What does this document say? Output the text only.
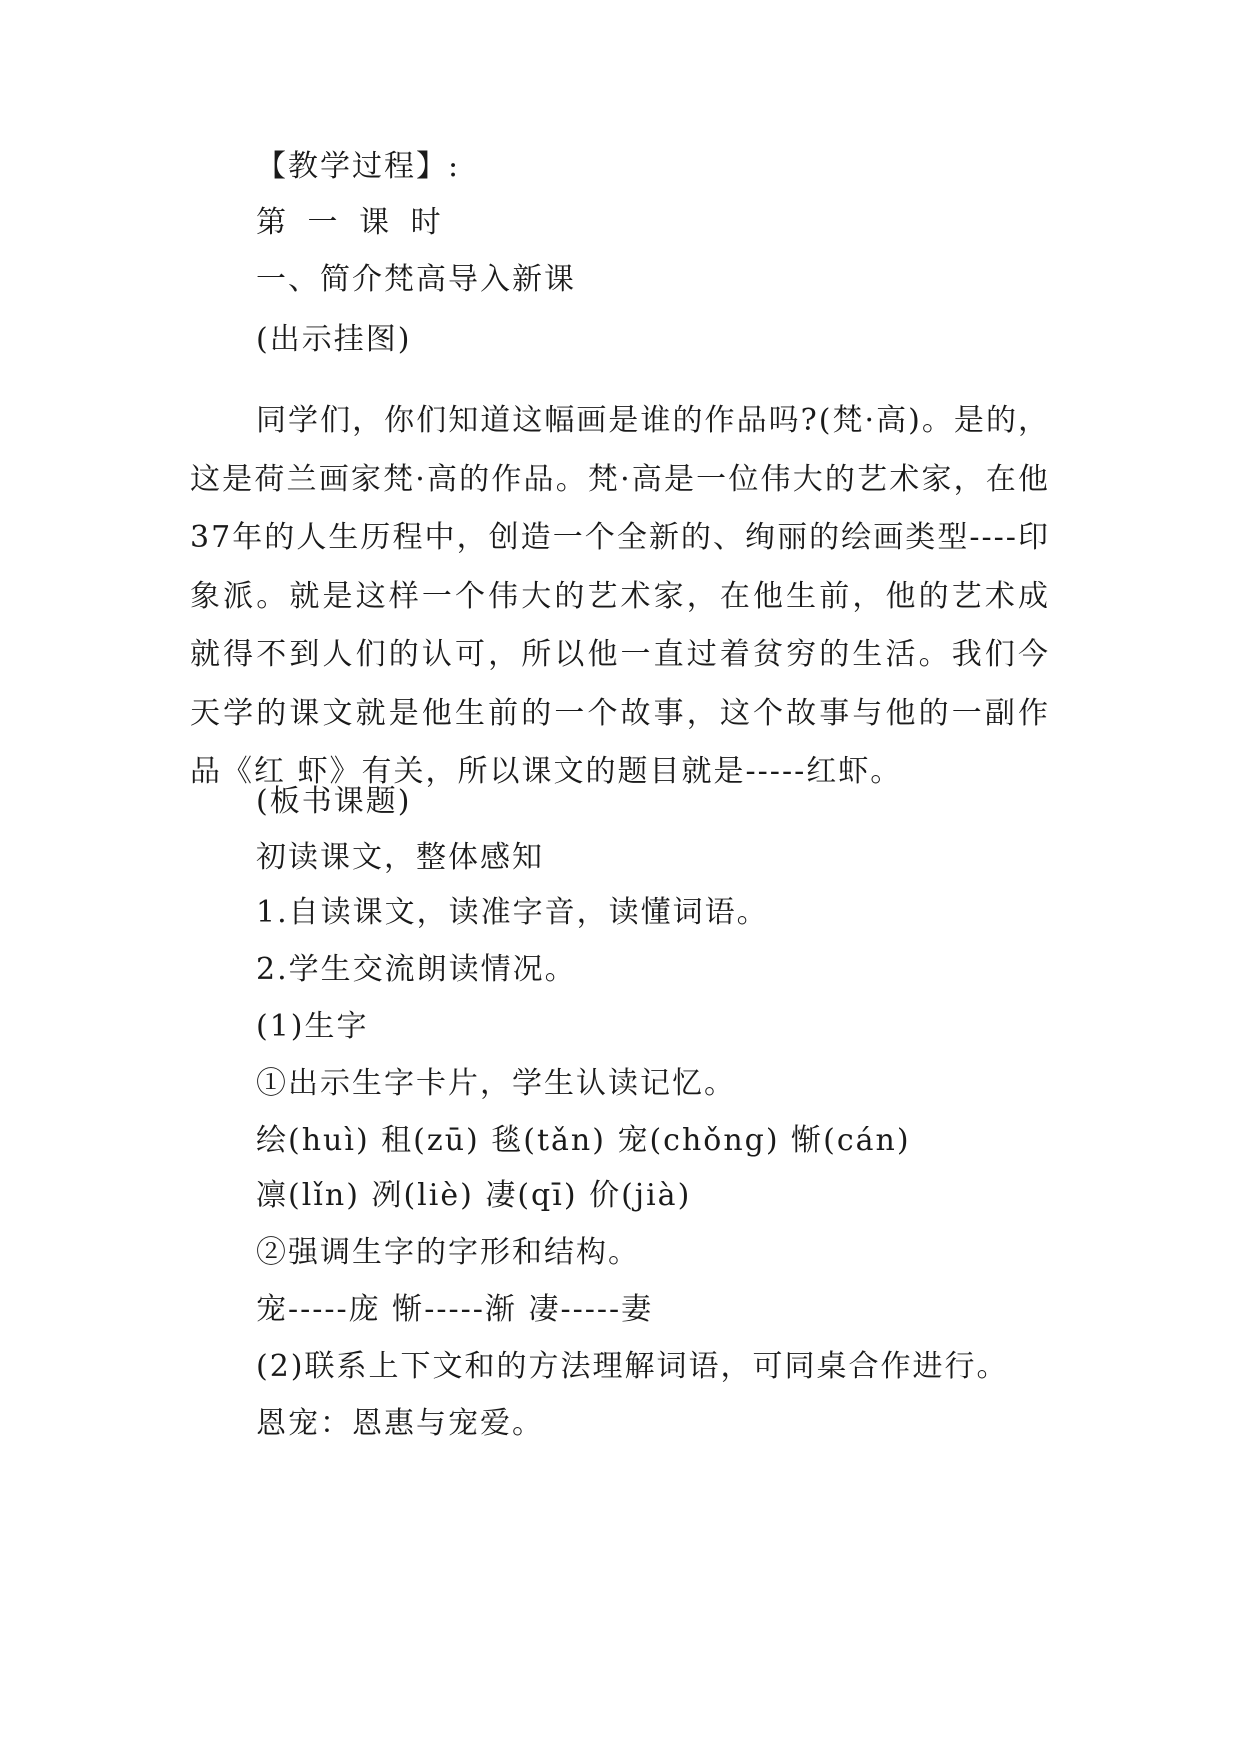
【教学过程】:
第 一 课 时
一、简介梵高导入新课
(出示挂图)

同学们，你们知道这幅画是谁的作品吗?(梵·高)。是的，这是荷兰画家梵·高的作品。梵·高是一位伟大的艺术家，在他37年的人生历程中，创造一个全新的、绚丽的绘画类型----印象派。就是这样一个伟大的艺术家，在他生前，他的艺术成就得不到人们的认可，所以他一直过着贫穷的生活。我们今天学的课文就是他生前的一个故事，这个故事与他的一副作品《红 虾》有关，所以课文的题目就是-----红虾。

(板书课题)
初读课文，整体感知
1.自读课文，读准字音，读懂词语。
2.学生交流朗读情况。
(1)生字
①出示生字卡片，学生认读记忆。
绘(huì) 租(zū) 毯(tǎn) 宠(chǒng) 惭(cán)
凛(lǐn) 冽(liè) 凄(qī) 价(jià)
②强调生字的字形和结构。
宠-----庞 惭-----渐 凄-----妻
(2)联系上下文和的方法理解词语，可同桌合作进行。
恩宠：恩惠与宠爱。
